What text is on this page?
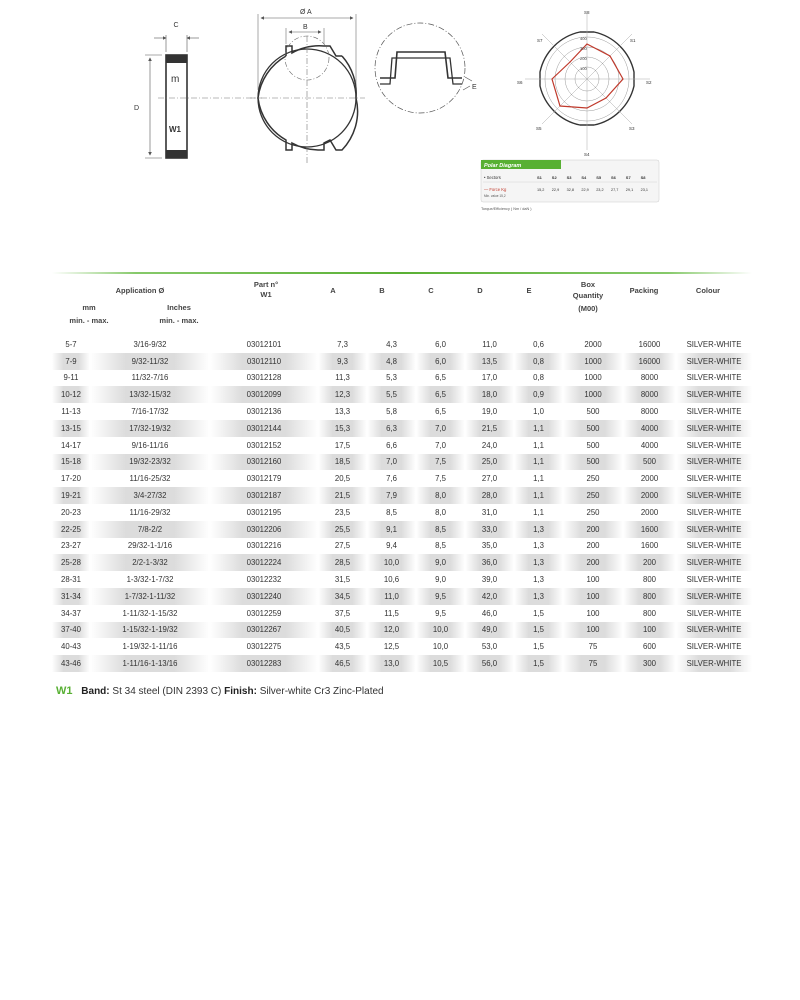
C
D
m
W1
Ø A
B
E
S8
S1
S2
S3
S4
S5
S6
S7	400
300
200
100
Polar Diagram
• Sectors
— Force Kg
Min. value 15,2
S1
15,2
S2
22,9
S3
32,8
S4
22,9
S5
23,2
S6
27,7
S7
29,1
S8
23,1
Torque/Efficiency ( Nm / daN )
Application Ø
mm
min. - max.
Inches
min. - max.
Part n°
W1	A	B	C	D	E
Box
Quantity
(M00)
Packing	Colour
5-7	3/16-9/32	03012101	7,3	4,3	6,0	11,0	0,6	2000	16000	SILVER-WHITE
7-9	9/32-11/32	03012110	9,3	4,8	6,0	13,5	0,8	1000	16000	SILVER-WHITE
9-11	11/32-7/16	03012128	11,3	5,3	6,5	17,0	0,8	1000	8000	SILVER-WHITE
10-12	13/32-15/32	03012099	12,3	5,5	6,5	18,0	0,9	1000	8000	SILVER-WHITE
11-13	7/16-17/32	03012136	13,3	5,8	6,5	19,0	1,0	500	8000	SILVER-WHITE
13-15	17/32-19/32	03012144	15,3	6,3	7,0	21,5	1,1	500	4000	SILVER-WHITE
14-17	9/16-11/16	03012152	17,5	6,6	7,0	24,0	1,1	500	4000	SILVER-WHITE
15-18	19/32-23/32	03012160	18,5	7,0	7,5	25,0	1,1	500	500	SILVER-WHITE
17-20	11/16-25/32	03012179	20,5	7,6	7,5	27,0	1,1	250	2000	SILVER-WHITE
19-21	3/4-27/32	03012187	21,5	7,9	8,0	28,0	1,1	250	2000	SILVER-WHITE
20-23	11/16-29/32	03012195	23,5	8,5	8,0	31,0	1,1	250	2000	SILVER-WHITE
22-25	7/8-2/2	03012206	25,5	9,1	8,5	33,0	1,3	200	1600	SILVER-WHITE
23-27	29/32-1-1/16	03012216	27,5	9,4	8,5	35,0	1,3	200	1600	SILVER-WHITE
25-28	2/2-1-3/32	03012224	28,5	10,0	9,0	36,0	1,3	200	200	SILVER-WHITE
28-31	1-3/32-1-7/32	03012232	31,5	10,6	9,0	39,0	1,3	100	800	SILVER-WHITE
31-34	1-7/32-1-11/32	03012240	34,5	11,0	9,5	42,0	1,3	100	800	SILVER-WHITE
34-37	1-11/32-1-15/32	03012259	37,5	11,5	9,5	46,0	1,5	100	800	SILVER-WHITE
37-40	1-15/32-1-19/32	03012267	40,5	12,0	10,0	49,0	1,5	100	100	SILVER-WHITE
40-43	1-19/32-1-11/16	03012275	43,5	12,5	10,0	53,0	1,5	75	600	SILVER-WHITE
43-46	1-11/16-1-13/16	03012283	46,5	13,0	10,5	56,0	1,5	75	300	SILVER-WHITE
W1 Band: St 34 steel (DIN 2393 C) Finish: Silver-white Cr3 Zinc-Plated
